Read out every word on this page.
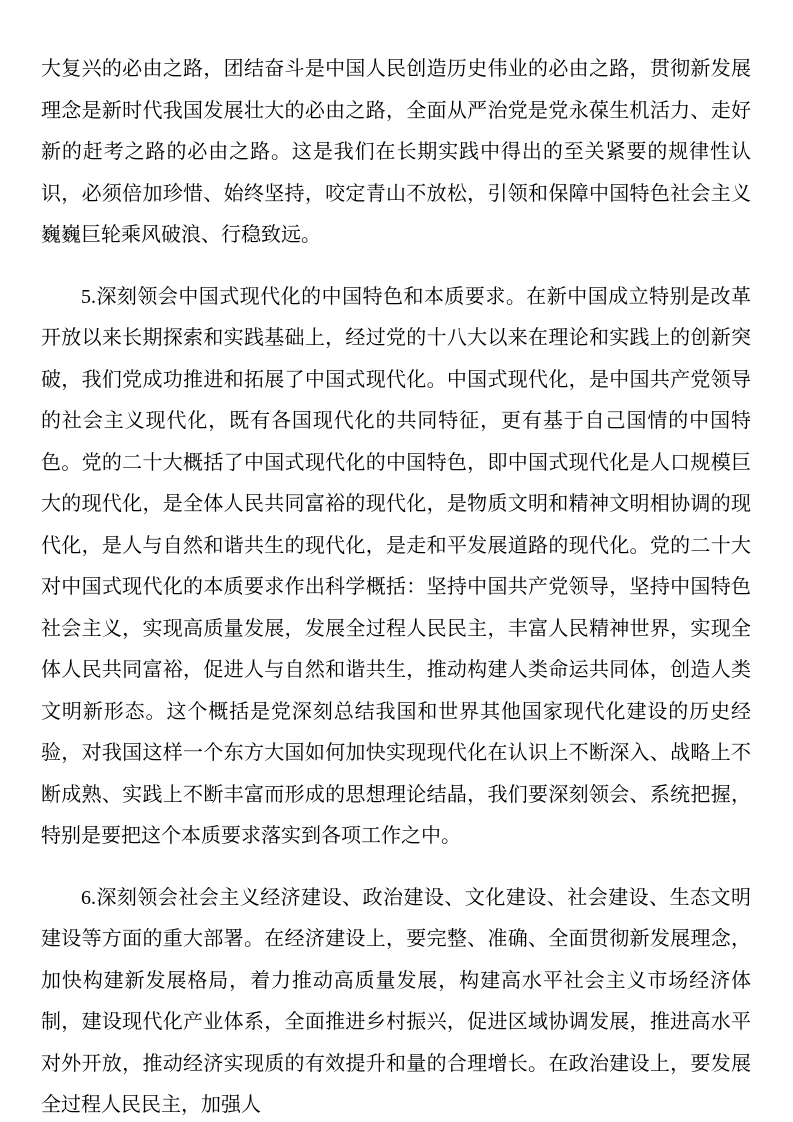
大复兴的必由之路，团结奋斗是中国人民创造历史伟业的必由之路，贯彻新发展理念是新时代我国发展壮大的必由之路，全面从严治党是党永葆生机活力、走好新的赶考之路的必由之路。这是我们在长期实践中得出的至关紧要的规律性认识，必须倍加珍惜、始终坚持，咬定青山不放松，引领和保障中国特色社会主义巍巍巨轮乘风破浪、行稳致远。

5.深刻领会中国式现代化的中国特色和本质要求。在新中国成立特别是改革开放以来长期探索和实践基础上，经过党的十八大以来在理论和实践上的创新突破，我们党成功推进和拓展了中国式现代化。中国式现代化，是中国共产党领导的社会主义现代化，既有各国现代化的共同特征，更有基于自己国情的中国特色。党的二十大概括了中国式现代化的中国特色，即中国式现代化是人口规模巨大的现代化，是全体人民共同富裕的现代化，是物质文明和精神文明相协调的现代化，是人与自然和谐共生的现代化，是走和平发展道路的现代化。党的二十大对中国式现代化的本质要求作出科学概括：坚持中国共产党领导，坚持中国特色社会主义，实现高质量发展，发展全过程人民民主，丰富人民精神世界，实现全体人民共同富裕，促进人与自然和谐共生，推动构建人类命运共同体，创造人类文明新形态。这个概括是党深刻总结我国和世界其他国家现代化建设的历史经验，对我国这样一个东方大国如何加快实现现代化在认识上不断深入、战略上不断成熟、实践上不断丰富而形成的思想理论结晶，我们要深刻领会、系统把握，特别是要把这个本质要求落实到各项工作之中。

6.深刻领会社会主义经济建设、政治建设、文化建设、社会建设、生态文明建设等方面的重大部署。在经济建设上，要完整、准确、全面贯彻新发展理念，加快构建新发展格局，着力推动高质量发展，构建高水平社会主义市场经济体制，建设现代化产业体系，全面推进乡村振兴，促进区域协调发展，推进高水平对外开放，推动经济实现质的有效提升和量的合理增长。在政治建设上，要发展全过程人民民主，加强人
